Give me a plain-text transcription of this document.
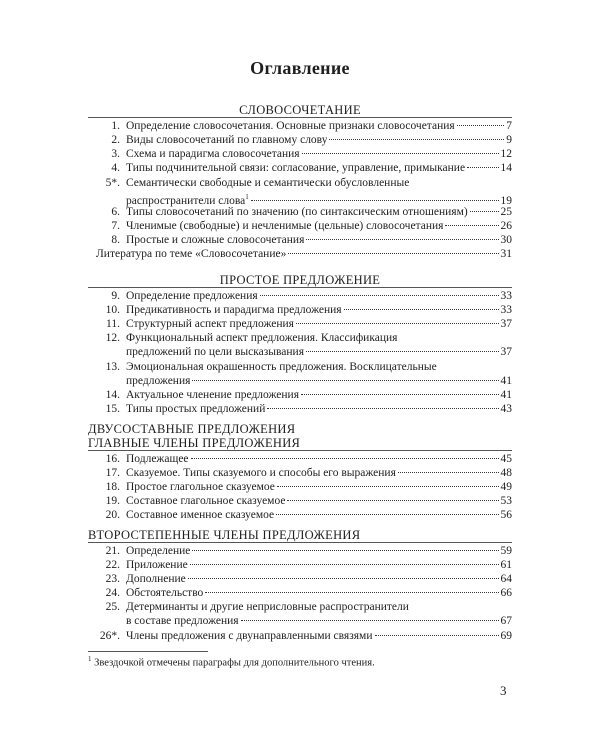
Оглавление
СЛОВОСОЧЕТАНИЕ
1. Определение словосочетания. Основные признаки словосочетания	7
2. Виды словосочетаний по главному слову	9
3. Схема и парадигма словосочетания	12
4. Типы подчинительной связи: согласование, управление, примыкание	14
5*. Семантически свободные и семантически обусловленные
распространители слова$^1$	19
6. Типы словосочетаний по значению (по синтаксическим отношениям)	25
7. Членимые (свободные) и нечленимые (цельные) словосочетания	26
8. Простые и сложные словосочетания	30
Литература по теме «Словосочетание»	31
ПРОСТОЕ ПРЕДЛОЖЕНИЕ
9. Определение предложения	33
10. Предикативность и парадигма предложения	33
11. Структурный аспект предложения	37
12. Функциональный аспект предложения. Классификация
предложений по цели высказывания	37
13. Эмоциональная окрашенность предложения. Восклицательные
предложения	41
14. Актуальное членение предложения	41
15. Типы простых предложений	43
ДВУСОСТАВНЫЕ ПРЕДЛОЖЕНИЯ
ГЛАВНЫЕ ЧЛЕНЫ ПРЕДЛОЖЕНИЯ
16. Подлежащее	45
17. Сказуемое. Типы сказуемого и способы его выражения	48
18. Простое глагольное сказуемое	49
19. Составное глагольное сказуемое	53
20. Составное именное сказуемое	56
ВТОРОСТЕПЕННЫЕ ЧЛЕНЫ ПРЕДЛОЖЕНИЯ
21. Определение	59
22. Приложение	61
23. Дополнение	64
24. Обстоятельство	66
25. Детерминанты и другие неприсловные распространители
в составе предложения	67
26*. Члены предложения с двунаправленными связями	69
$^1$ Звездочкой отмечены параграфы для дополнительного чтения.
3
